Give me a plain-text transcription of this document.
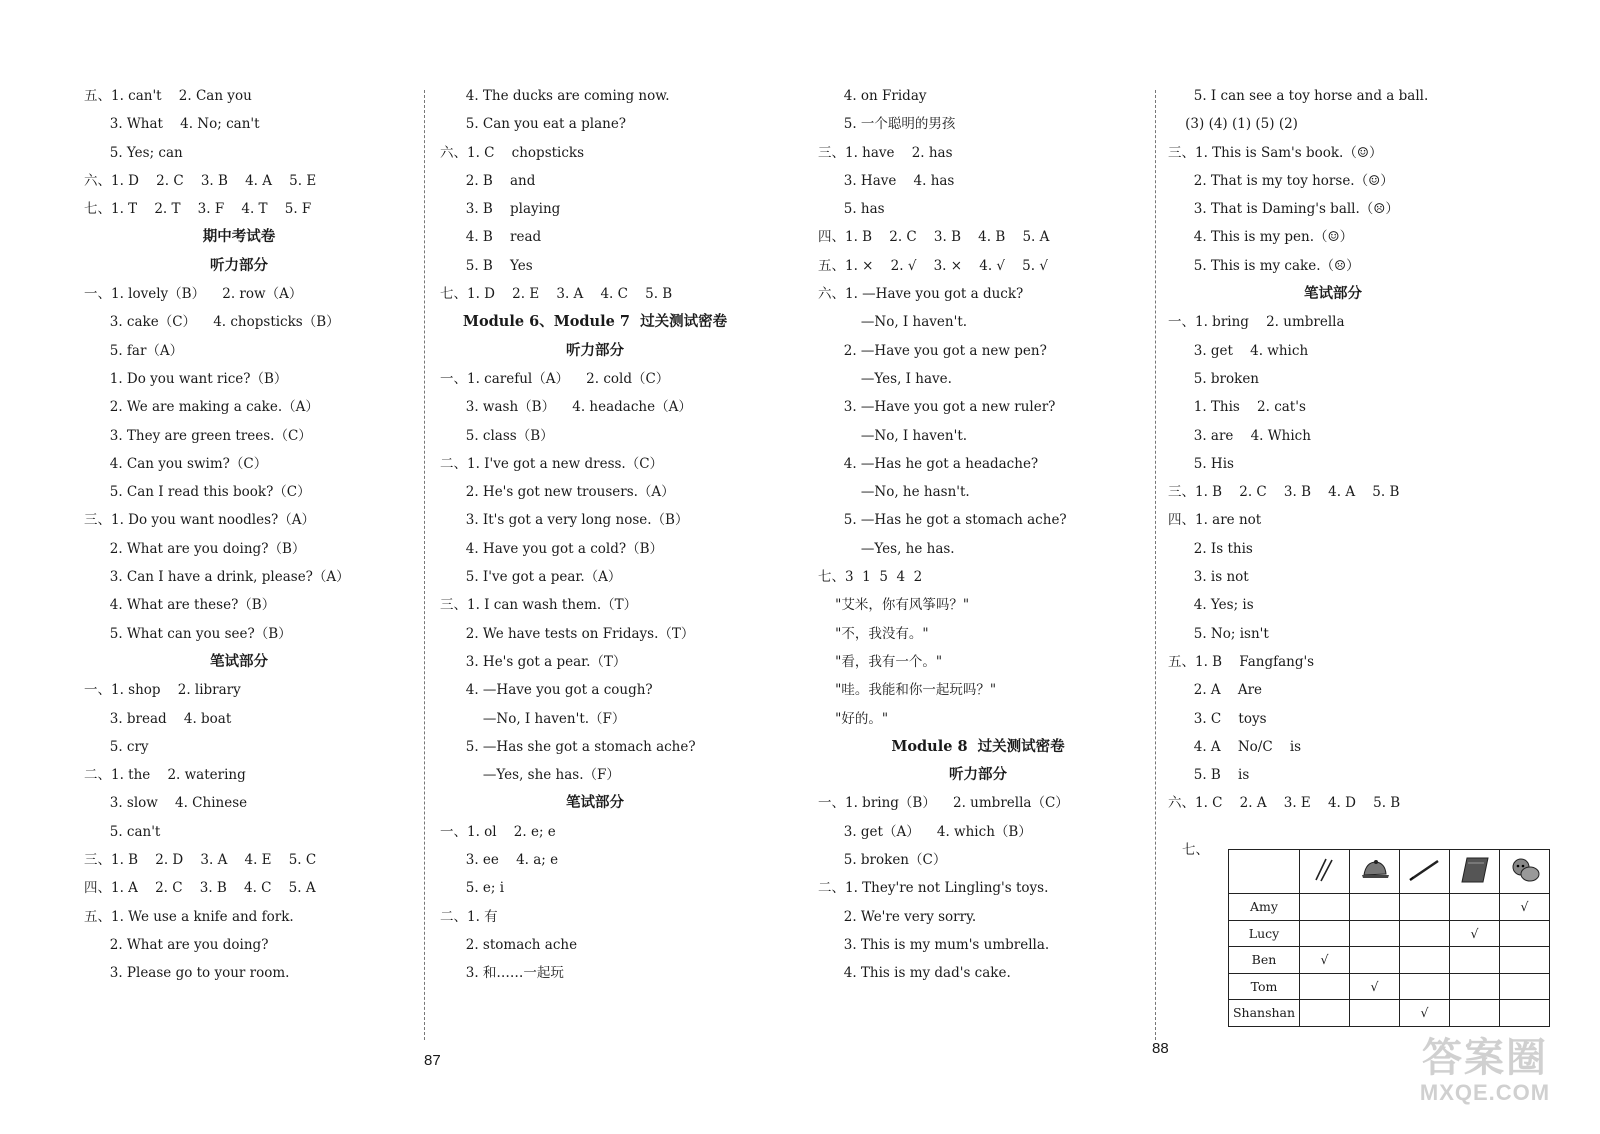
五、1. can't    2. Can you
3. What    4. No; can't
5. Yes; can
六、1. D    2. C    3. B    4. A    5. E
七、1. T    2. T    3. F    4. T    5. F
期中考试卷
听力部分
一、1. lovely（B）    2. row（A）
3. cake（C）    4. chopsticks（B）
5. far（A）
1. Do you want rice?（B）
2. We are making a cake.（A）
3. They are green trees.（C）
4. Can you swim?（C）
5. Can I read this book?（C）
三、1. Do you want noodles?（A）
2. What are you doing?（B）
3. Can I have a drink, please?（A）
4. What are these?（B）
5. What can you see?（B）
笔试部分
一、1. shop    2. library
3. bread    4. boat
5. cry
二、1. the    2. watering
3. slow    4. Chinese
5. can't
三、1. B    2. D    3. A    4. E    5. C
四、1. A    2. C    3. B    4. C    5. A
五、1. We use a knife and fork.
2. What are you doing?
3. Please go to your room.
4. The ducks are coming now.
5. Can you eat a plane?
六、1. C    chopsticks
2. B    and
3. B    playing
4. B    read
5. B    Yes
七、1. D    2. E    3. A    4. C    5. B
Module 6、Module 7  过关测试密卷
听力部分
一、1. careful（A）    2. cold（C）
3. wash（B）    4. headache（A）
5. class（B）
二、1. I've got a new dress.（C）
2. He's got new trousers.（A）
3. It's got a very long nose.（B）
4. Have you got a cold?（B）
5. I've got a pear.（A）
三、1. I can wash them.（T）
2. We have tests on Fridays.（T）
3. He's got a pear.（T）
4. —Have you got a cough?
—No, I haven't.（F）
5. —Has she got a stomach ache?
—Yes, she has.（F）
笔试部分
一、1. ol    2. e; e
3. ee    4. a; e
5. e; i
二、1. 有
2. stomach ache
3. 和……一起玩
4. on Friday
5. 一个聪明的男孩
三、1. have    2. has
3. Have    4. has
5. has
四、1. B    2. C    3. B    4. B    5. A
五、1. ×    2. √    3. ×    4. √    5. √
六、1. —Have you got a duck?
—No, I haven't.
2. —Have you got a new pen?
—Yes, I have.
3. —Have you got a new ruler?
—No, I haven't.
4. —Has he got a headache?
—No, he hasn't.
5. —Has he got a stomach ache?
—Yes, he has.
七、3  1  5  4  2
"艾米，你有风筝吗？"
"不，我没有。"
"看，我有一个。"
"哇。我能和你一起玩吗？"
"好的。"
Module 8  过关测试密卷
听力部分
一、1. bring（B）    2. umbrella（C）
3. get（A）    4. which（B）
5. broken（C）
二、1. They're not Lingling's toys.
2. We're very sorry.
3. This is my mum's umbrella.
4. This is my dad's cake.
5. I can see a toy horse and a ball.
(3) (4) (1) (5) (2)
三、1. This is Sam's book.（☺）
2. That is my toy horse.（☺）
3. That is Daming's ball.（☹）
4. This is my pen.（☺）
5. This is my cake.（☹）
笔试部分
一、1. bring    2. umbrella
3. get    4. which
5. broken
1. This    2. cat's
3. are    4. Which
5. His
三、1. B    2. C    3. B    4. A    5. B
四、1. are not
2. Is this
3. is not
4. Yes; is
5. No; isn't
五、1. B    Fangfang's
2. A    Are
3. C    toys
4. A    No/C    is
5. B    is
六、1. C    2. A    3. E    4. D    5. B
87
88
七、

Amy					√
Lucy				√	
Ben	√				
Tom		√			
Shanshan			√		
答案圈
MXQE.COM
